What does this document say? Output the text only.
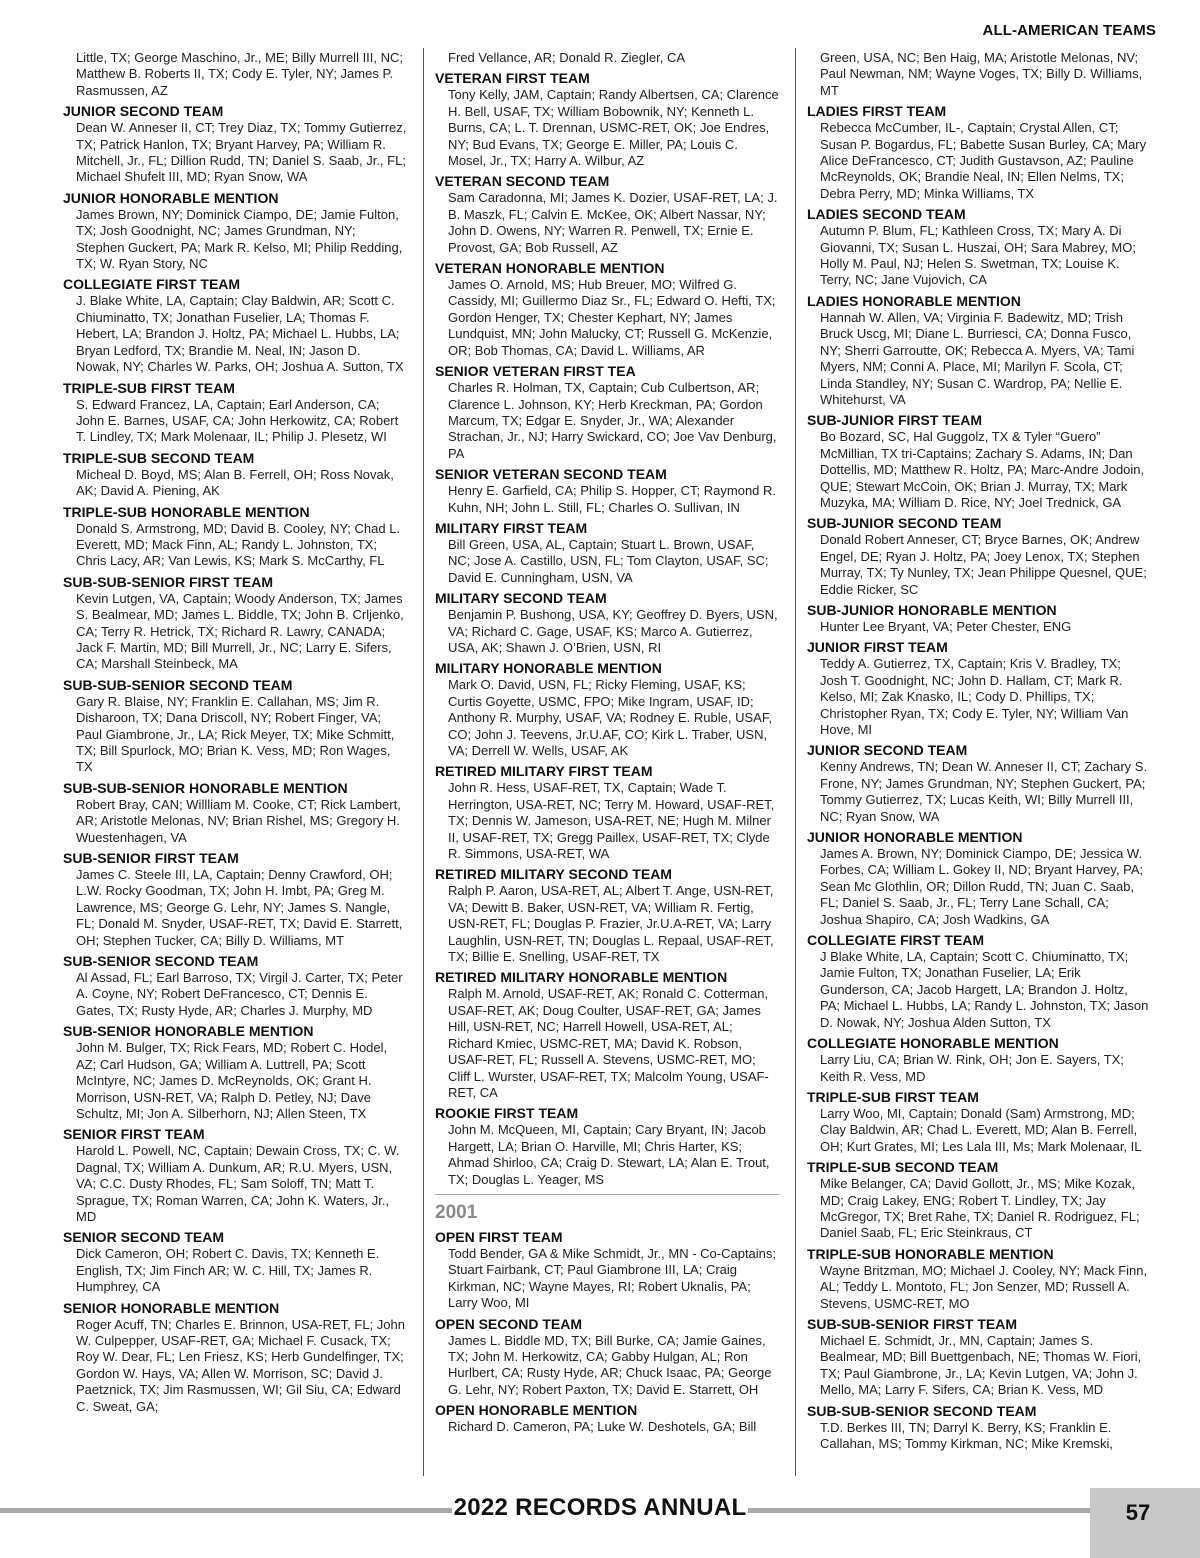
ALL-AMERICAN TEAMS
Little, TX; George Maschino, Jr., ME; Billy Murrell III, NC; Matthew B. Roberts II, TX; Cody E. Tyler, NY; James P. Rasmussen, AZ
JUNIOR SECOND TEAM
Dean W. Anneser II, CT; Trey Diaz, TX; Tommy Gutierrez, TX; Patrick Hanlon, TX; Bryant Harvey, PA; William R. Mitchell, Jr., FL; Dillion Rudd, TN; Daniel S. Saab, Jr., FL; Michael Shufelt III, MD; Ryan Snow, WA
JUNIOR HONORABLE MENTION
James Brown, NY; Dominick Ciampo, DE; Jamie Fulton, TX; Josh Goodnight, NC; James Grundman, NY; Stephen Guckert, PA; Mark R. Kelso, MI; Philip Redding, TX; W. Ryan Story, NC
COLLEGIATE FIRST TEAM
J. Blake White, LA, Captain; Clay Baldwin, AR; Scott C. Chiuminatto, TX; Jonathan Fuselier, LA; Thomas F. Hebert, LA; Brandon J. Holtz, PA; Michael L. Hubbs, LA; Bryan Ledford, TX; Brandie M. Neal, IN; Jason D. Nowak, NY; Charles W. Parks, OH; Joshua A. Sutton, TX
TRIPLE-SUB FIRST TEAM
S. Edward Francez, LA, Captain; Earl Anderson, CA; John E. Barnes, USAF, CA; John Herkowitz, CA; Robert T. Lindley, TX; Mark Molenaar, IL; Philip J. Plesetz, WI
TRIPLE-SUB SECOND TEAM
Micheal D. Boyd, MS; Alan B. Ferrell, OH; Ross Novak, AK; David A. Piening, AK
TRIPLE-SUB HONORABLE MENTION
Donald S. Armstrong, MD; David B. Cooley, NY; Chad L. Everett, MD; Mack Finn, AL; Randy L. Johnston, TX; Chris Lacy, AR; Van Lewis, KS; Mark S. McCarthy, FL
SUB-SUB-SENIOR FIRST TEAM
Kevin Lutgen, VA, Captain; Woody Anderson, TX; James S. Bealmear, MD; James L. Biddle, TX; John B. Crljenko, CA; Terry R. Hetrick, TX; Richard R. Lawry, CANADA; Jack F. Martin, MD; Bill Murrell, Jr., NC; Larry E. Sifers, CA; Marshall Steinbeck, MA
SUB-SUB-SENIOR SECOND TEAM
Gary R. Blaise, NY; Franklin E. Callahan, MS; Jim R. Disharoon, TX; Dana Driscoll, NY; Robert Finger, VA; Paul Giambrone, Jr., LA; Rick Meyer, TX; Mike Schmitt, TX; Bill Spurlock, MO; Brian K. Vess, MD; Ron Wages, TX
SUB-SUB-SENIOR HONORABLE MENTION
Robert Bray, CAN; Willliam M. Cooke, CT; Rick Lambert, AR; Aristotle Melonas, NV; Brian Rishel, MS; Gregory H. Wuestenhagen, VA
SUB-SENIOR FIRST TEAM
James C. Steele III, LA, Captain; Denny Crawford, OH; L.W. Rocky Goodman, TX; John H. Imbt, PA; Greg M. Lawrence, MS; George G. Lehr, NY; James S. Nangle, FL; Donald M. Snyder, USAF-RET, TX; David E. Starrett, OH; Stephen Tucker, CA; Billy D. Williams, MT
SUB-SENIOR SECOND TEAM
Al Assad, FL; Earl Barroso, TX; Virgil J. Carter, TX; Peter A. Coyne, NY; Robert DeFrancesco, CT; Dennis E. Gates, TX; Rusty Hyde, AR; Charles J. Murphy, MD
SUB-SENIOR HONORABLE MENTION
John M. Bulger, TX; Rick Fears, MD; Robert C. Hodel, AZ; Carl Hudson, GA; William A. Luttrell, PA; Scott McIntyre, NC; James D. McReynolds, OK; Grant H. Morrison, USN-RET, VA; Ralph D. Petley, NJ; Dave Schultz, MI; Jon A. Silberhorn, NJ; Allen Steen, TX
SENIOR FIRST TEAM
Harold L. Powell, NC, Captain; Dewain Cross, TX; C. W. Dagnal, TX; William A. Dunkum, AR; R.U. Myers, USN, VA; C.C. Dusty Rhodes, FL; Sam Soloff, TN; Matt T. Sprague, TX; Roman Warren, CA; John K. Waters, Jr., MD
SENIOR SECOND TEAM
Dick Cameron, OH; Robert C. Davis, TX; Kenneth E. English, TX; Jim Finch AR; W. C. Hill, TX; James R. Humphrey, CA
SENIOR HONORABLE MENTION
Roger Acuff, TN; Charles E. Brinnon, USA-RET, FL; John W. Culpepper, USAF-RET, GA; Michael F. Cusack, TX; Roy W. Dear, FL; Len Friesz, KS; Herb Gundelfinger, TX; Gordon W. Hays, VA; Allen W. Morrison, SC; David J. Paetznick, TX; Jim Rasmussen, WI; Gil Siu, CA; Edward C. Sweat, GA;
Fred Vellance, AR; Donald R. Ziegler, CA
VETERAN FIRST TEAM
Tony Kelly, JAM, Captain; Randy Albertsen, CA; Clarence H. Bell, USAF, TX; William Bobownik, NY; Kenneth L. Burns, CA; L. T. Drennan, USMC-RET, OK; Joe Endres, NY; Bud Evans, TX; George E. Miller, PA; Louis C. Mosel, Jr., TX; Harry A. Wilbur, AZ
VETERAN SECOND TEAM
Sam Caradonna, MI; James K. Dozier, USAF-RET, LA; J. B. Maszk, FL; Calvin E. McKee, OK; Albert Nassar, NY; John D. Owens, NY; Warren R. Penwell, TX; Ernie E. Provost, GA; Bob Russell, AZ
VETERAN HONORABLE MENTION
James O. Arnold, MS; Hub Breuer, MO; Wilfred G. Cassidy, MI; Guillermo Diaz Sr., FL; Edward O. Hefti, TX; Gordon Henger, TX; Chester Kephart, NY; James Lundquist, MN; John Malucky, CT; Russell G. McKenzie, OR; Bob Thomas, CA; David L. Williams, AR
SENIOR VETERAN FIRST TEA
Charles R. Holman, TX, Captain; Cub Culbertson, AR; Clarence L. Johnson, KY; Herb Kreckman, PA; Gordon Marcum, TX; Edgar E. Snyder, Jr., WA; Alexander Strachan, Jr., NJ; Harry Swickard, CO; Joe Vav Denburg, PA
SENIOR VETERAN SECOND TEAM
Henry E. Garfield, CA; Philip S. Hopper, CT; Raymond R. Kuhn, NH; John L. Still, FL; Charles O. Sullivan, IN
MILITARY FIRST TEAM
Bill Green, USA, AL, Captain; Stuart L. Brown, USAF, NC; Jose A. Castillo, USN, FL; Tom Clayton, USAF, SC; David E. Cunningham, USN, VA
MILITARY SECOND TEAM
Benjamin P. Bushong, USA, KY; Geoffrey D. Byers, USN, VA; Richard C. Gage, USAF, KS; Marco A. Gutierrez, USA, AK; Shawn J. O’Brien, USN, RI
MILITARY HONORABLE MENTION
Mark O. David, USN, FL; Ricky Fleming, USAF, KS; Curtis Goyette, USMC, FPO; Mike Ingram, USAF, ID; Anthony R. Murphy, USAF, VA; Rodney E. Ruble, USAF, CO; John J. Teevens, Jr.U.AF, CO; Kirk L. Traber, USN, VA; Derrell W. Wells, USAF, AK
RETIRED MILITARY FIRST TEAM
John R. Hess, USAF-RET, TX, Captain; Wade T. Herrington, USA-RET, NC; Terry M. Howard, USAF-RET, TX; Dennis W. Jameson, USA-RET, NE; Hugh M. Milner II, USAF-RET, TX; Gregg Paillex, USAF-RET, TX; Clyde R. Simmons, USA-RET, WA
RETIRED MILITARY SECOND TEAM
Ralph P. Aaron, USA-RET, AL; Albert T. Ange, USN-RET, VA; Dewitt B. Baker, USN-RET, VA; William R. Fertig, USN-RET, FL; Douglas P. Frazier, Jr.U.A-RET, VA; Larry Laughlin, USN-RET, TN; Douglas L. Repaal, USAF-RET, TX; Billie E. Snelling, USAF-RET, TX
RETIRED MILITARY HONORABLE MENTION
Ralph M. Arnold, USAF-RET, AK; Ronald C. Cotterman, USAF-RET, AK; Doug Coulter, USAF-RET, GA; James Hill, USN-RET, NC; Harrell Howell, USA-RET, AL; Richard Kmiec, USMC-RET, MA; David K. Robson, USAF-RET, FL; Russell A. Stevens, USMC-RET, MO; Cliff L. Wurster, USAF-RET, TX; Malcolm Young, USAF-RET, CA
ROOKIE FIRST TEAM
John M. McQueen, MI, Captain; Cary Bryant, IN; Jacob Hargett, LA; Brian O. Harville, MI; Chris Harter, KS; Ahmad Shirloo, CA; Craig D. Stewart, LA; Alan E. Trout, TX; Douglas L. Yeager, MS
2001
OPEN FIRST TEAM
Todd Bender, GA & Mike Schmidt, Jr., MN - Co-Captains; Stuart Fairbank, CT; Paul Giambrone III, LA; Craig Kirkman, NC; Wayne Mayes, RI; Robert Uknalis, PA; Larry Woo, MI
OPEN SECOND TEAM
James L. Biddle MD, TX; Bill Burke, CA; Jamie Gaines, TX; John M. Herkowitz, CA; Gabby Hulgan, AL; Ron Hurlbert, CA; Rusty Hyde, AR; Chuck Isaac, PA; George G. Lehr, NY; Robert Paxton, TX; David E. Starrett, OH
OPEN HONORABLE MENTION
Richard D. Cameron, PA; Luke W. Deshotels, GA; Bill
Green, USA, NC; Ben Haig, MA; Aristotle Melonas, NV; Paul Newman, NM; Wayne Voges, TX; Billy D. Williams, MT
LADIES FIRST TEAM
Rebecca McCumber, IL-, Captain; Crystal Allen, CT; Susan P. Bogardus, FL; Babette Susan Burley, CA; Mary Alice DeFrancesco, CT; Judith Gustavson, AZ; Pauline McReynolds, OK; Brandie Neal, IN; Ellen Nelms, TX; Debra Perry, MD; Minka Williams, TX
LADIES SECOND TEAM
Autumn P. Blum, FL; Kathleen Cross, TX; Mary A. Di Giovanni, TX; Susan L. Huszai, OH; Sara Mabrey, MO; Holly M. Paul, NJ; Helen S. Swetman, TX; Louise K. Terry, NC; Jane Vujovich, CA
LADIES HONORABLE MENTION
Hannah W. Allen, VA; Virginia F. Badewitz, MD; Trish Bruck Uscg, MI; Diane L. Burriesci, CA; Donna Fusco, NY; Sherri Garroutte, OK; Rebecca A. Myers, VA; Tami Myers, NM; Conni A. Place, MI; Marilyn F. Scola, CT; Linda Standley, NY; Susan C. Wardrop, PA; Nellie E. Whitehurst, VA
SUB-JUNIOR FIRST TEAM
Bo Bozard, SC, Hal Guggolz, TX & Tyler “Guero” McMillian, TX tri-Captains; Zachary S. Adams, IN; Dan Dottellis, MD; Matthew R. Holtz, PA; Marc-Andre Jodoin, QUE; Stewart McCoin, OK; Brian J. Murray, TX; Mark Muzyka, MA; William D. Rice, NY; Joel Trednick, GA
SUB-JUNIOR SECOND TEAM
Donald Robert Anneser, CT; Bryce Barnes, OK; Andrew Engel, DE; Ryan J. Holtz, PA; Joey Lenox, TX; Stephen Murray, TX; Ty Nunley, TX; Jean Philippe Quesnel, QUE; Eddie Ricker, SC
SUB-JUNIOR HONORABLE MENTION
Hunter Lee Bryant, VA; Peter Chester, ENG
JUNIOR FIRST TEAM
Teddy A. Gutierrez, TX, Captain; Kris V. Bradley, TX; Josh T. Goodnight, NC; John D. Hallam, CT; Mark R. Kelso, MI; Zak Knasko, IL; Cody D. Phillips, TX; Christopher Ryan, TX; Cody E. Tyler, NY; William Van Hove, MI
JUNIOR SECOND TEAM
Kenny Andrews, TN; Dean W. Anneser II, CT; Zachary S. Frone, NY; James Grundman, NY; Stephen Guckert, PA; Tommy Gutierrez, TX; Lucas Keith, WI; Billy Murrell III, NC; Ryan Snow, WA
JUNIOR HONORABLE MENTION
James A. Brown, NY; Dominick Ciampo, DE; Jessica W. Forbes, CA; William L. Gokey II, ND; Bryant Harvey, PA; Sean Mc Glothlin, OR; Dillon Rudd, TN; Juan C. Saab, FL; Daniel S. Saab, Jr., FL; Terry Lane Schall, CA; Joshua Shapiro, CA; Josh Wadkins, GA
COLLEGIATE FIRST TEAM
J Blake White, LA, Captain; Scott C. Chiuminatto, TX; Jamie Fulton, TX; Jonathan Fuselier, LA; Erik Gunderson, CA; Jacob Hargett, LA; Brandon J. Holtz, PA; Michael L. Hubbs, LA; Randy L. Johnston, TX; Jason D. Nowak, NY; Joshua Alden Sutton, TX
COLLEGIATE HONORABLE MENTION
Larry Liu, CA; Brian W. Rink, OH; Jon E. Sayers, TX; Keith R. Vess, MD
TRIPLE-SUB FIRST TEAM
Larry Woo, MI, Captain; Donald (Sam) Armstrong, MD; Clay Baldwin, AR; Chad L. Everett, MD; Alan B. Ferrell, OH; Kurt Grates, MI; Les Lala III, Ms; Mark Molenaar, IL
TRIPLE-SUB SECOND TEAM
Mike Belanger, CA; David Gollott, Jr., MS; Mike Kozak, MD; Craig Lakey, ENG; Robert T. Lindley, TX; Jay McGregor, TX; Bret Rahe, TX; Daniel R. Rodriguez, FL; Daniel Saab, FL; Eric Steinkraus, CT
TRIPLE-SUB HONORABLE MENTION
Wayne Britzman, MO; Michael J. Cooley, NY; Mack Finn, AL; Teddy L. Montoto, FL; Jon Senzer, MD; Russell A. Stevens, USMC-RET, MO
SUB-SUB-SENIOR FIRST TEAM
Michael E. Schmidt, Jr., MN, Captain; James S. Bealmear, MD; Bill Buettgenbach, NE; Thomas W. Fiori, TX; Paul Giambrone, Jr., LA; Kevin Lutgen, VA; John J. Mello, MA; Larry F. Sifers, CA; Brian K. Vess, MD
SUB-SUB-SENIOR SECOND TEAM
T.D. Berkes III, TN; Darryl K. Berry, KS; Franklin E. Callahan, MS; Tommy Kirkman, NC; Mike Kremski,
2022 RECORDS ANNUAL	57
